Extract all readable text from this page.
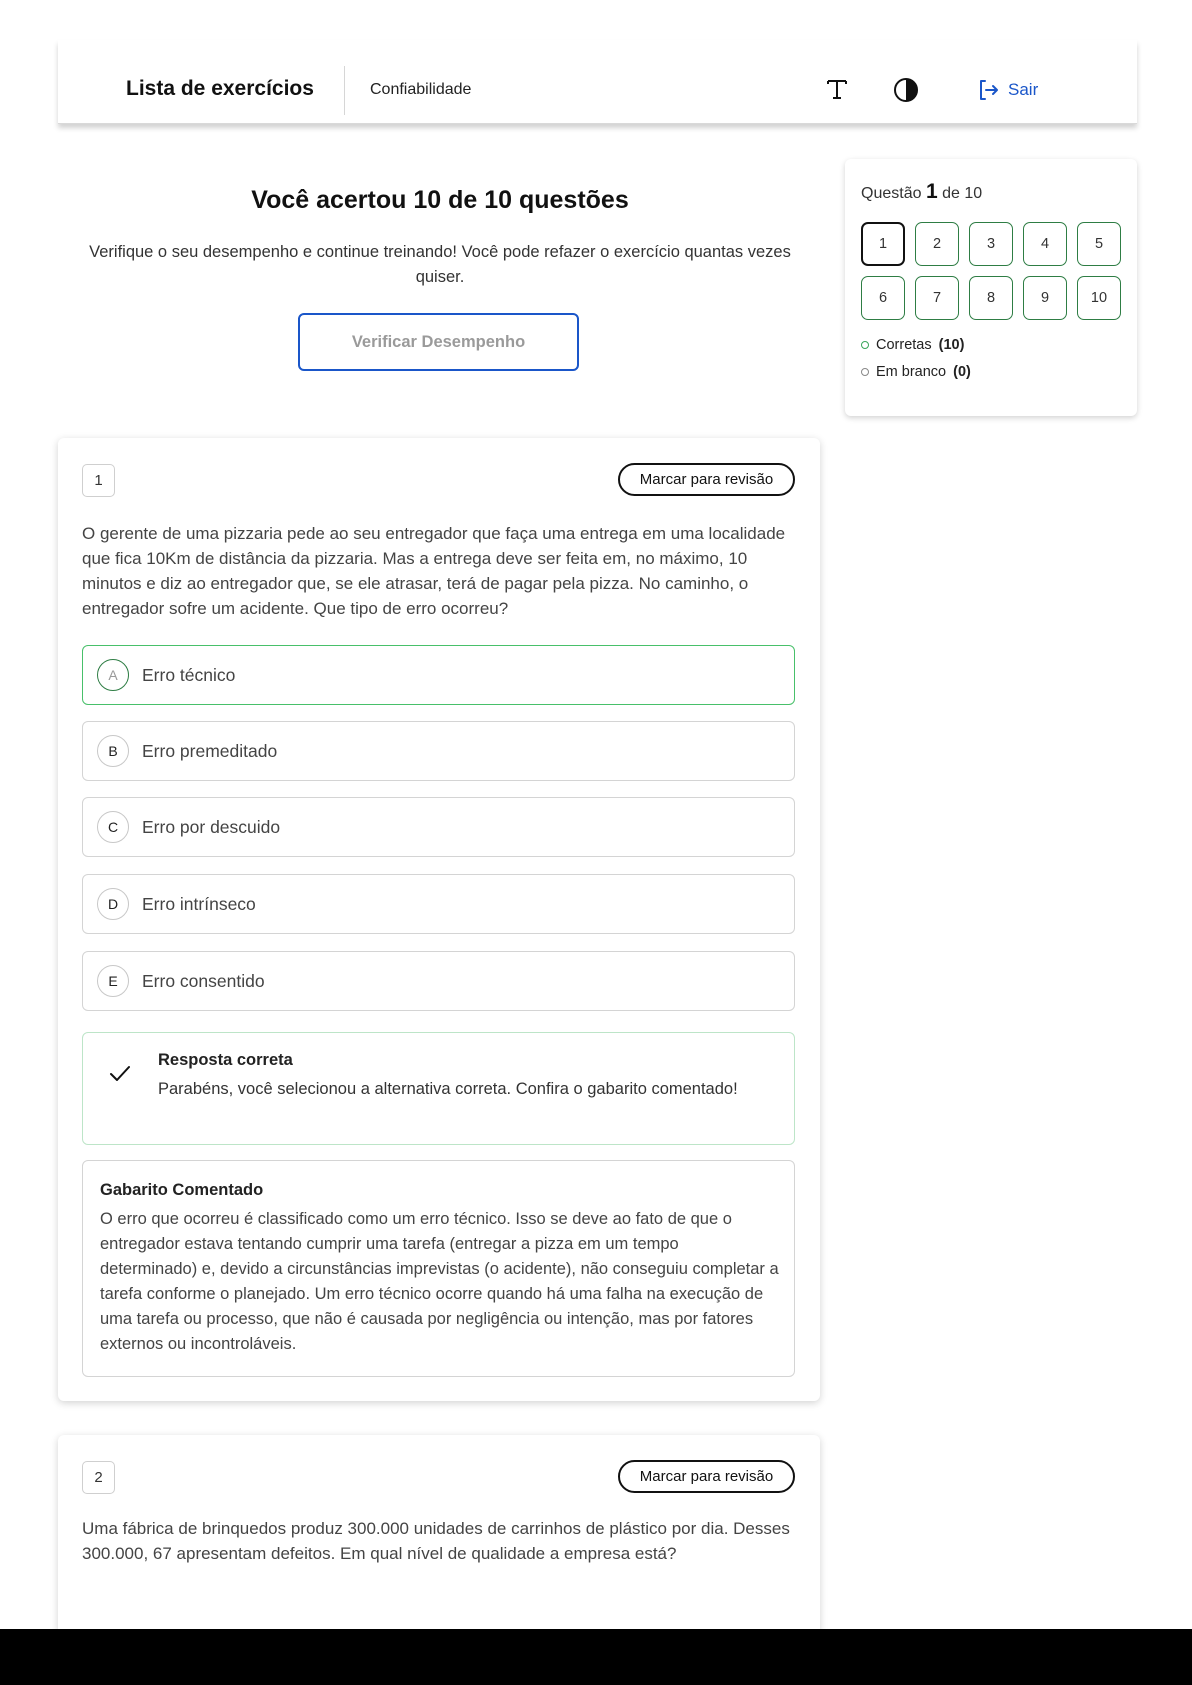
Lista de exercícios	Confiabilidade	Sair
Você acertou 10 de 10 questões
Verifique o seu desempenho e continue treinando! Você pode refazer o exercício quantas vezes quiser.
Verificar Desempenho
Questão 1 de 10
1	2	3	4	5
6	7	8	9	10
Corretas (10)
Em branco (0)
1	Marcar para revisão
O gerente de uma pizzaria pede ao seu entregador que faça uma entrega em uma localidade que fica 10Km de distância da pizzaria. Mas a entrega deve ser feita em, no máximo, 10 minutos e diz ao entregador que, se ele atrasar, terá de pagar pela pizza. No caminho, o entregador sofre um acidente. Que tipo de erro ocorreu?
A	Erro técnico
B	Erro premeditado
C	Erro por descuido
D	Erro intrínseco
E	Erro consentido
Resposta correta
Parabéns, você selecionou a alternativa correta. Confira o gabarito comentado!
Gabarito Comentado
O erro que ocorreu é classificado como um erro técnico. Isso se deve ao fato de que o entregador estava tentando cumprir uma tarefa (entregar a pizza em um tempo determinado) e, devido a circunstâncias imprevistas (o acidente), não conseguiu completar a tarefa conforme o planejado. Um erro técnico ocorre quando há uma falha na execução de uma tarefa ou processo, que não é causada por negligência ou intenção, mas por fatores externos ou incontroláveis.
2	Marcar para revisão
Uma fábrica de brinquedos produz 300.000 unidades de carrinhos de plástico por dia. Desses 300.000, 67 apresentam defeitos. Em qual nível de qualidade a empresa está?
